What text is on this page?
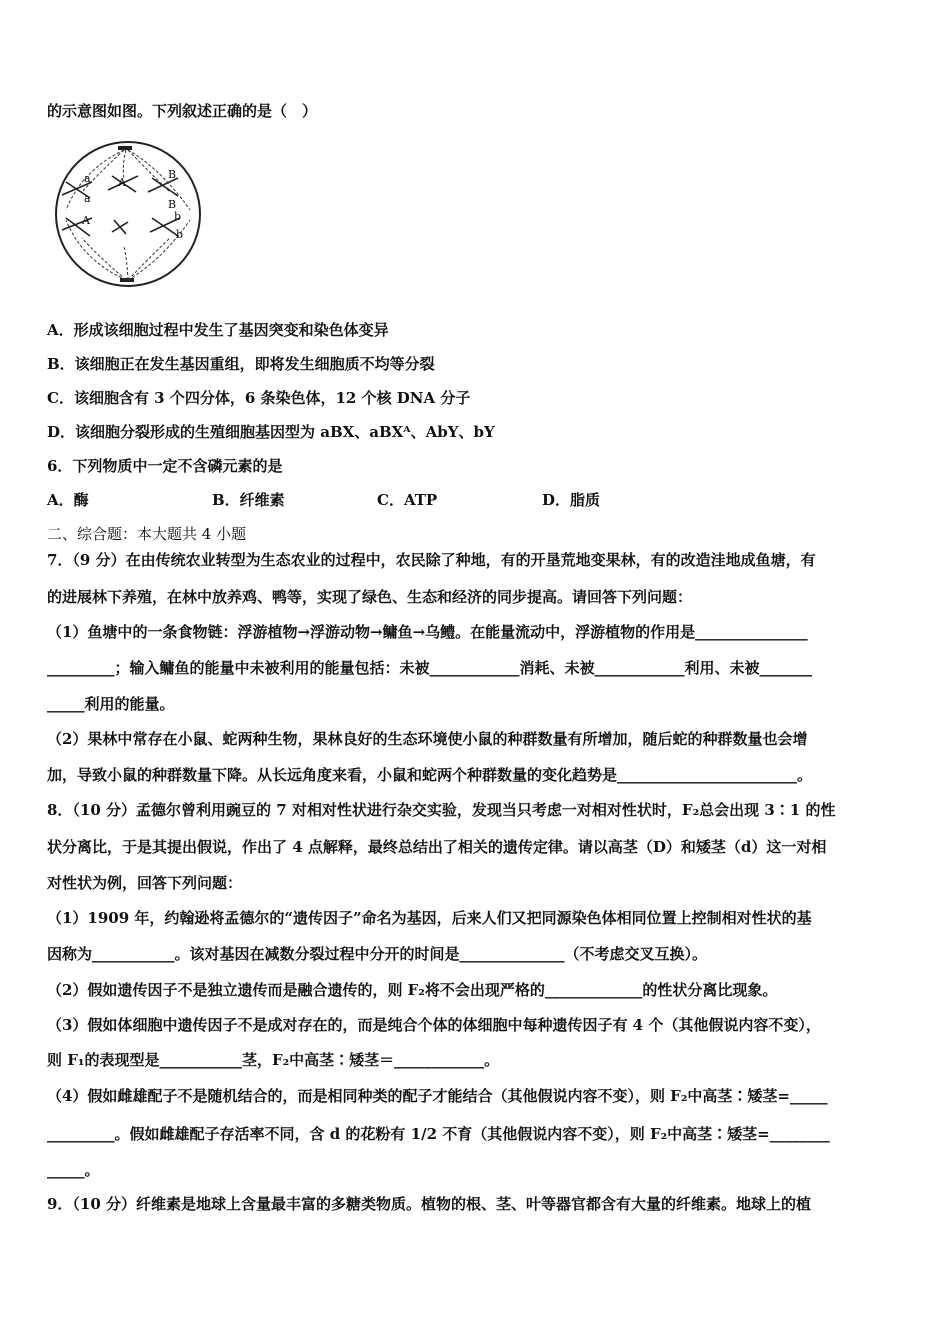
的示意图如图。下列叙述正确的是（　）
a
a
A
A
B
B
b
b
A．形成该细胞过程中发生了基因突变和染色体变异
B．该细胞正在发生基因重组，即将发生细胞质不均等分裂
C．该细胞含有 3 个四分体，6 条染色体，12 个核 DNA 分子
D．该细胞分裂形成的生殖细胞基因型为 aBX、aBXᴬ、AbY、bY
6．下列物质中一定不含磷元素的是
A．酶	B．纤维素	C．ATP	D．脂质
二、综合题：本大题共 4 小题
7．（9 分）在由传统农业转型为生态农业的过程中，农民除了种地，有的开垦荒地变果林，有的改造洼地成鱼塘，有
的进展林下养殖，在林中放养鸡、鸭等，实现了绿色、生态和经济的同步提高。请回答下列问题：
（1）鱼塘中的一条食物链：浮游植物→浮游动物→鳙鱼→乌鳢。在能量流动中，浮游植物的作用是_______________
_________；输入鳙鱼的能量中未被利用的能量包括：未被____________消耗、未被____________利用、未被_______
_____利用的能量。
（2）果林中常存在小鼠、蛇两种生物，果林良好的生态环境使小鼠的种群数量有所增加，随后蛇的种群数量也会增
加，导致小鼠的种群数量下降。从长远角度来看，小鼠和蛇两个种群数量的变化趋势是________________________。
8．（10 分）孟德尔曾利用豌豆的 7 对相对性状进行杂交实验，发现当只考虑一对相对性状时，F₂总会出现 3∶1 的性
状分离比，于是其提出假说，作出了 4 点解释，最终总结出了相关的遗传定律。请以高茎（D）和矮茎（d）这一对相
对性状为例，回答下列问题：
（1）1909 年，约翰逊将孟德尔的“遗传因子”命名为基因，后来人们又把同源染色体相同位置上控制相对性状的基
因称为___________。该对基因在减数分裂过程中分开的时间是______________（不考虑交叉互换）。
（2）假如遗传因子不是独立遗传而是融合遗传的，则 F₂将不会出现严格的_____________的性状分离比现象。
（3）假如体细胞中遗传因子不是成对存在的，而是纯合个体的体细胞中每种遗传因子有 4 个（其他假说内容不变），
则 F₁的表现型是___________茎，F₂中高茎∶矮茎＝____________。
（4）假如雌雄配子不是随机结合的，而是相同种类的配子才能结合（其他假说内容不变），则 F₂中高茎∶矮茎=_____
_________。假如雌雄配子存活率不同，含 d 的花粉有 1/2 不育（其他假说内容不变），则 F₂中高茎∶矮茎=________
_____。
9．（10 分）纤维素是地球上含量最丰富的多糖类物质。植物的根、茎、叶等器官都含有大量的纤维素。地球上的植
